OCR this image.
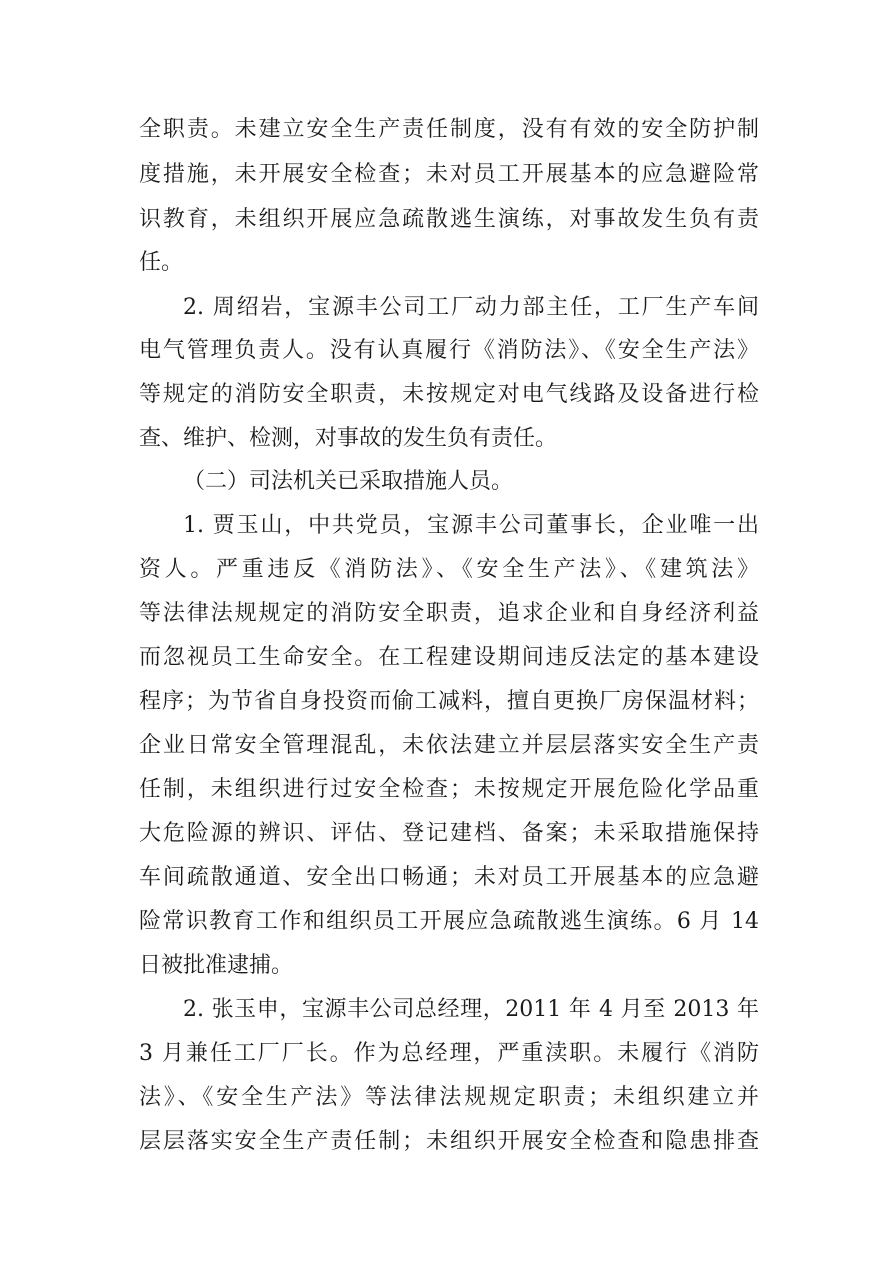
全职责。未建立安全生产责任制度，没有有效的安全防护制
度措施，未开展安全检查；未对员工开展基本的应急避险常
识教育，未组织开展应急疏散逃生演练，对事故发生负有责
任。
2. 周绍岩，宝源丰公司工厂动力部主任，工厂生产车间
电气管理负责人。没有认真履行《消防法》、《安全生产法》
等规定的消防安全职责，未按规定对电气线路及设备进行检
查、维护、检测，对事故的发生负有责任。
（二）司法机关已采取措施人员。
1. 贾玉山，中共党员，宝源丰公司董事长，企业唯一出
资人。严重违反《消防法》、《安全生产法》、《建筑法》
等法律法规规定的消防安全职责，追求企业和自身经济利益
而忽视员工生命安全。在工程建设期间违反法定的基本建设
程序；为节省自身投资而偷工减料，擅自更换厂房保温材料；
企业日常安全管理混乱，未依法建立并层层落实安全生产责
任制，未组织进行过安全检查；未按规定开展危险化学品重
大危险源的辨识、评估、登记建档、备案；未采取措施保持
车间疏散通道、安全出口畅通；未对员工开展基本的应急避
险常识教育工作和组织员工开展应急疏散逃生演练。6 月 14
日被批准逮捕。
2. 张玉申，宝源丰公司总经理，2011 年 4 月至 2013 年
3 月兼任工厂厂长。作为总经理，严重渎职。未履行《消防
法》、《安全生产法》等法律法规规定职责；未组织建立并
层层落实安全生产责任制；未组织开展安全检查和隐患排查
